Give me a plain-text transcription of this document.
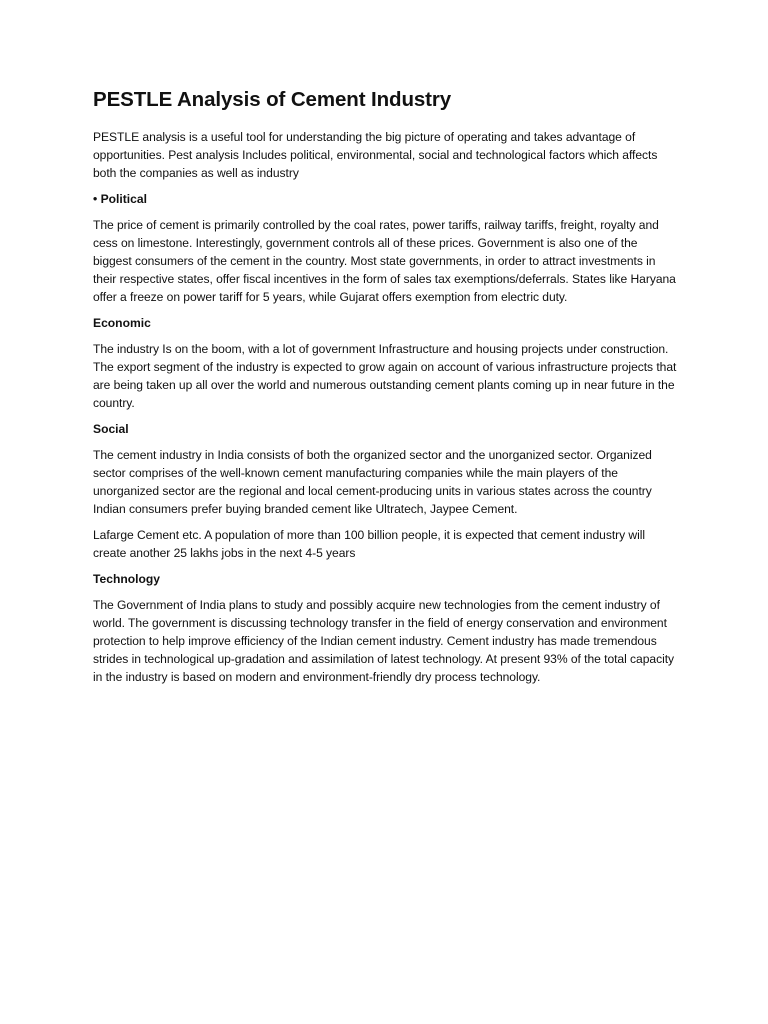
PESTLE Analysis of Cement Industry

PESTLE analysis is a useful tool for understanding the big picture of operating and takes advantage of opportunities. Pest analysis Includes political, environmental, social and technological factors which affects both the companies as well as industry

• Political

The price of cement is primarily controlled by the coal rates, power tariffs, railway tariffs, freight, royalty and cess on limestone. Interestingly, government controls all of these prices. Government is also one of the biggest consumers of the cement in the country. Most state governments, in order to attract investments in their respective states, offer fiscal incentives in the form of sales tax exemptions/deferrals. States like Haryana offer a freeze on power tariff for 5 years, while Gujarat offers exemption from electric duty.

Economic

The industry Is on the boom, with a lot of government Infrastructure and housing projects under construction. The export segment of the industry is expected to grow again on account of various infrastructure projects that are being taken up all over the world and numerous outstanding cement plants coming up in near future in the country.

Social

The cement industry in India consists of both the organized sector and the unorganized sector. Organized sector comprises of the well-known cement manufacturing companies while the main players of the unorganized sector are the regional and local cement-producing units in various states across the country Indian consumers prefer buying branded cement like Ultratech, Jaypee Cement.

Lafarge Cement etc. A population of more than 100 billion people, it is expected that cement industry will create another 25 lakhs jobs in the next 4-5 years

Technology

The Government of India plans to study and possibly acquire new technologies from the cement industry of world. The government is discussing technology transfer in the field of energy conservation and environment protection to help improve efficiency of the Indian cement industry. Cement industry has made tremendous strides in technological up-gradation and assimilation of latest technology. At present 93% of the total capacity in the industry is based on modern and environment-friendly dry process technology.
